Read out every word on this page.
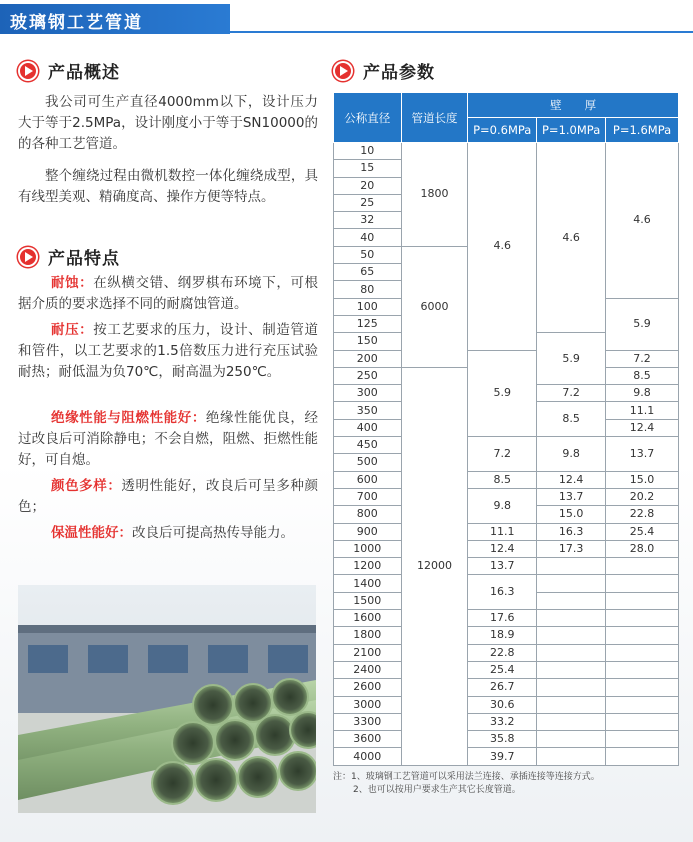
玻璃钢工艺管道
产品概述
我公司可生产直径4000mm以下，设计压力大于等于2.5MPa，设计刚度小于等于SN10000的的各种工艺管道。
整个缠绕过程由微机数控一体化缠绕成型，具有线型美观、精确度高、操作方便等特点。
产品特点
耐蚀：在纵横交错、纲罗棋布环境下，可根据介质的要求选择不同的耐腐蚀管道。
耐压：按工艺要求的压力，设计、制造管道和管件，以工艺要求的1.5倍数压力进行充压试验耐热；耐低温为负70℃，耐高温为250℃。
绝缘性能与阻燃性能好：绝缘性能优良，经过改良后可消除静电；不会自燃，阻燃、拒燃性能好，可自熄。
颜色多样：透明性能好，改良后可呈多种颜色；
保温性能好：改良后可提高热传导能力。
产品参数
公称直径	管道长度	壁　　厚		
		P=0.6MPa	P=1.0MPa	P=1.6MPa
10	1800	4.6	4.6	4.6
15				
20				
25				
32				
40				
50	6000			
65				
80				
100				5.9
125				
150			5.9	
200		5.9		7.2
250	12000			8.5
300			7.2	9.8
350			8.5	11.1
400				12.4
450		7.2	9.8	13.7
500				
600		8.5	12.4	15.0
700		9.8	13.7	20.2
800			15.0	22.8
900		11.1	16.3	25.4
1000		12.4	17.3	28.0
1200		13.7		
1400		16.3		
1500				
1600		17.6		
1800		18.9		
2100		22.8		
2400		25.4		
2600		26.7		
3000		30.6		
3300		33.2		
3600		35.8		
4000		39.7		
注：1、玻璃钢工艺管道可以采用法兰连接、承插连接等连接方式。
2、也可以按用户要求生产其它长度管道。
